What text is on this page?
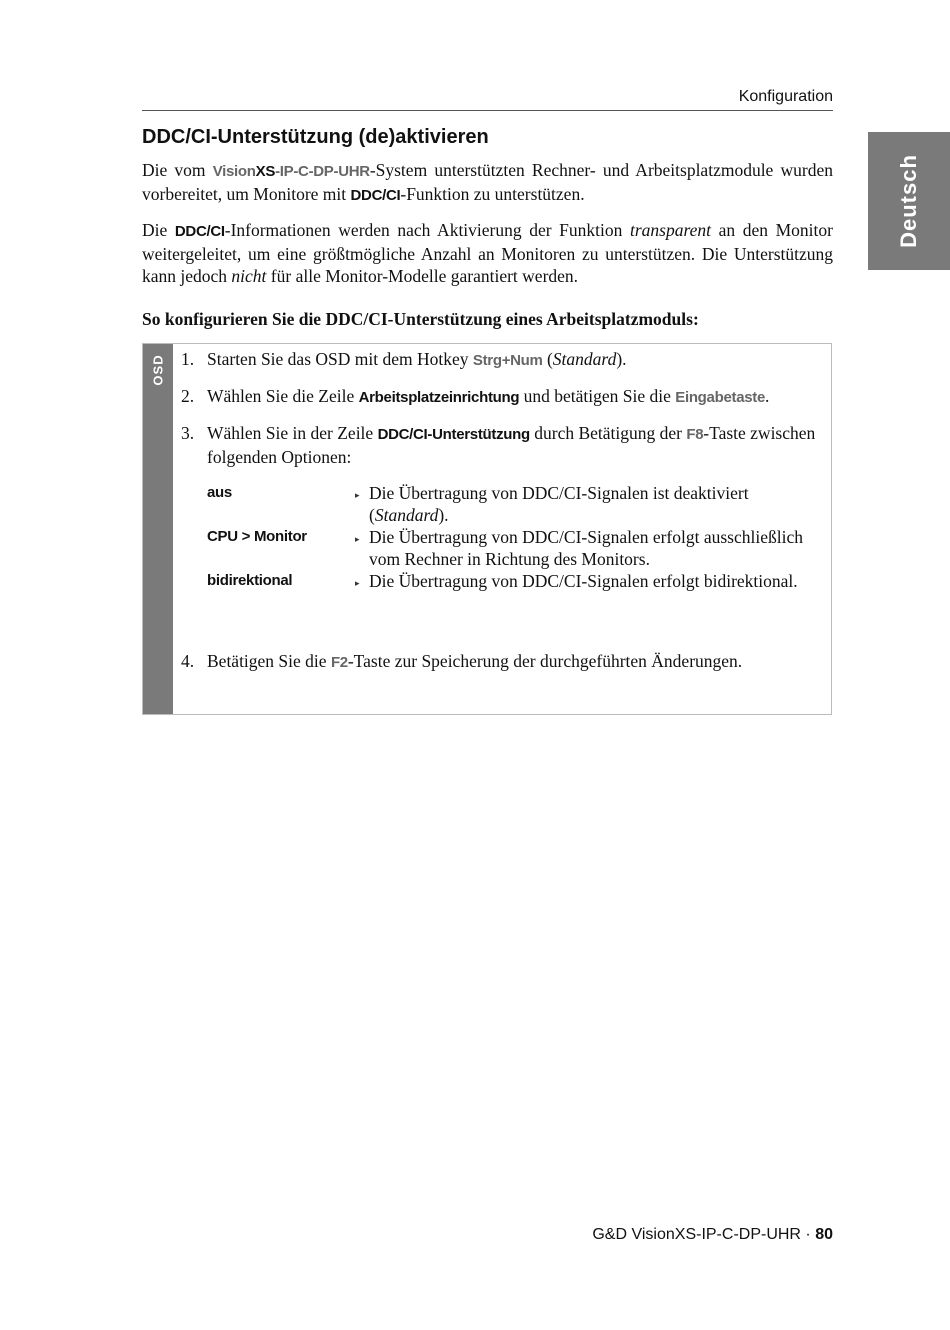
Konfiguration
Deutsch
DDC/CI-Unterstützung (de)aktivieren

Die vom VisionXS-IP-C-DP-UHR-System unterstützten Rechner- und Arbeitsplatzmodule wurden vorbereitet, um Monitore mit DDC/CI-Funktion zu unterstützen.

Die DDC/CI-Informationen werden nach Aktivierung der Funktion transparent an den Monitor weitergeleitet, um eine größtmögliche Anzahl an Monitoren zu unterstützen. Die Unterstützung kann jedoch nicht für alle Monitor-Modelle garantiert werden.

So konfigurieren Sie die DDC/CI-Unterstützung eines Arbeitsplatzmoduls:
OSD 1. Starten Sie das OSD mit dem Hotkey Strg+Num (Standard).
2. Wählen Sie die Zeile Arbeitsplatzeinrichtung und betätigen Sie die Eingabetaste.
3. Wählen Sie in der Zeile DDC/CI-Unterstützung durch Betätigung der F8-Taste zwischen folgenden Optionen:
aus	▸ Die Übertragung von DDC/CI-Signalen ist deaktiviert (Standard).
CPU > Monitor	▸ Die Übertragung von DDC/CI-Signalen erfolgt ausschließlich vom Rechner in Richtung des Monitors.
bidirektional	▸ Die Übertragung von DDC/CI-Signalen erfolgt bidirektional.
4. Betätigen Sie die F2-Taste zur Speicherung der durchgeführten Änderungen.
G&D VisionXS-IP-C-DP-UHR · 80
